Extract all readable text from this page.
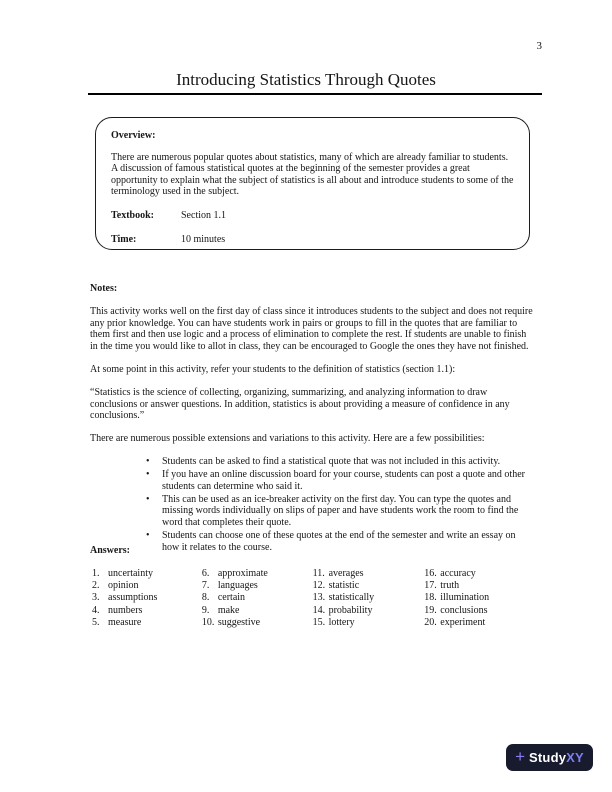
3
Introducing Statistics Through Quotes
Overview:

There are numerous popular quotes about statistics, many of which are already familiar to students. A discussion of famous statistical quotes at the beginning of the semester provides a great opportunity to explain what the subject of statistics is all about and introduce students to some of the terminology used in the subject.

Textbook:	Section 1.1
Time:	10 minutes
Notes:

This activity works well on the first day of class since it introduces students to the subject and does not require any prior knowledge. You can have students work in pairs or groups to fill in the quotes that are familiar to them first and then use logic and a process of elimination to complete the rest. If students are unable to finish in the time you would like to allot in class, they can be encouraged to Google the ones they have not finished.

At some point in this activity, refer your students to the definition of statistics (section 1.1):

“Statistics is the science of collecting, organizing, summarizing, and analyzing information to draw conclusions or answer questions. In addition, statistics is about providing a measure of confidence in any conclusions.”

There are numerous possible extensions and variations to this activity. Here are a few possibilities:

• Students can be asked to find a statistical quote that was not included in this activity.
• If you have an online discussion board for your course, students can post a quote and other students can determine who said it.
• This can be used as an ice-breaker activity on the first day. You can type the quotes and missing words individually on slips of paper and have students work the room to find the word that completes their quote.
• Students can choose one of these quotes at the end of the semester and write an essay on how it relates to the course.
Answers:
1. uncertainty
2. opinion
3. assumptions
4. numbers
5. measure
6. approximate
7. languages
8. certain
9. make
10. suggestive
11. averages
12. statistic
13. statistically
14. probability
15. lottery
16. accuracy
17. truth
18. illumination
19. conclusions
20. experiment
+ StudyXY
